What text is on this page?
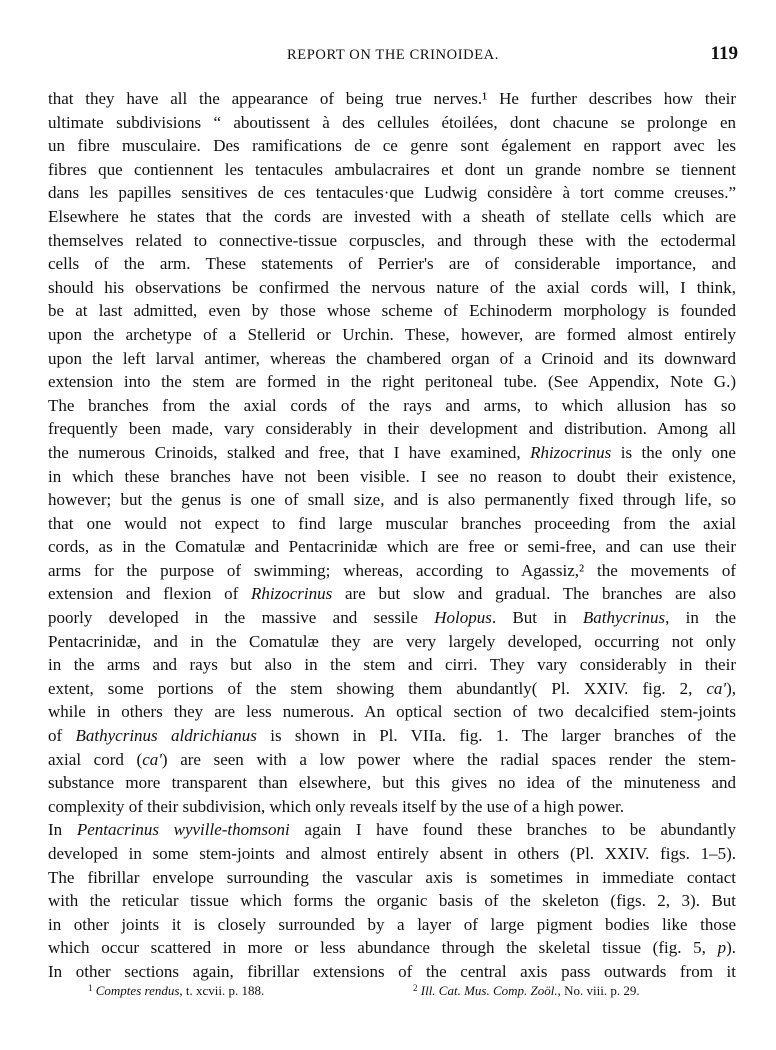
REPORT ON THE CRINOIDEA.	119
that they have all the appearance of being true nerves.¹ He further describes how their
ultimate subdivisions “ aboutissent à des cellules étoilées, dont chacune se prolonge en
un fibre musculaire. Des ramifications de ce genre sont également en rapport avec les
fibres que contiennent les tentacules ambulacraires et dont un grande nombre se tiennent
dans les papilles sensitives de ces tentacules·que Ludwig considère à tort comme creuses.”
Elsewhere he states that the cords are invested with a sheath of stellate cells which are
themselves related to connective-tissue corpuscles, and through these with the ectodermal
cells of the arm. These statements of Perrier's are of considerable importance, and
should his observations be confirmed the nervous nature of the axial cords will, I think,
be at last admitted, even by those whose scheme of Echinoderm morphology is founded
upon the archetype of a Stellerid or Urchin. These, however, are formed almost entirely
upon the left larval antimer, whereas the chambered organ of a Crinoid and its downward
extension into the stem are formed in the right peritoneal tube. (See Appendix, Note G.)
The branches from the axial cords of the rays and arms, to which allusion has so
frequently been made, vary considerably in their development and distribution. Among all
the numerous Crinoids, stalked and free, that I have examined, Rhizocrinus is the only one
in which these branches have not been visible. I see no reason to doubt their existence,
however; but the genus is one of small size, and is also permanently fixed through life, so
that one would not expect to find large muscular branches proceeding from the axial
cords, as in the Comatulæ and Pentacrinidæ which are free or semi-free, and can use their
arms for the purpose of swimming; whereas, according to Agassiz,² the movements of
extension and flexion of Rhizocrinus are but slow and gradual. The branches are also
poorly developed in the massive and sessile Holopus. But in Bathycrinus, in the
Pentacrinidæ, and in the Comatulæ they are very largely developed, occurring not only
in the arms and rays but also in the stem and cirri. They vary considerably in their
extent, some portions of the stem showing them abundantly( Pl. XXIV. fig. 2, ca'),
while in others they are less numerous. An optical section of two decalcified stem-joints
of Bathycrinus aldrichianus is shown in Pl. VIIa. fig. 1. The larger branches of the
axial cord (ca') are seen with a low power where the radial spaces render the stem-
substance more transparent than elsewhere, but this gives no idea of the minuteness and
complexity of their subdivision, which only reveals itself by the use of a high power.
In Pentacrinus wyville-thomsoni again I have found these branches to be abundantly
developed in some stem-joints and almost entirely absent in others (Pl. XXIV. figs. 1–5).
The fibrillar envelope surrounding the vascular axis is sometimes in immediate contact
with the reticular tissue which forms the organic basis of the skeleton (figs. 2, 3). But
in other joints it is closely surrounded by a layer of large pigment bodies like those
which occur scattered in more or less abundance through the skeletal tissue (fig. 5, p).
In other sections again, fibrillar extensions of the central axis pass outwards from it
$^1$ Comptes rendus, t. xcvii. p. 188.	$^2$ Ill. Cat. Mus. Comp. Zoöl., No. viii. p. 29.
